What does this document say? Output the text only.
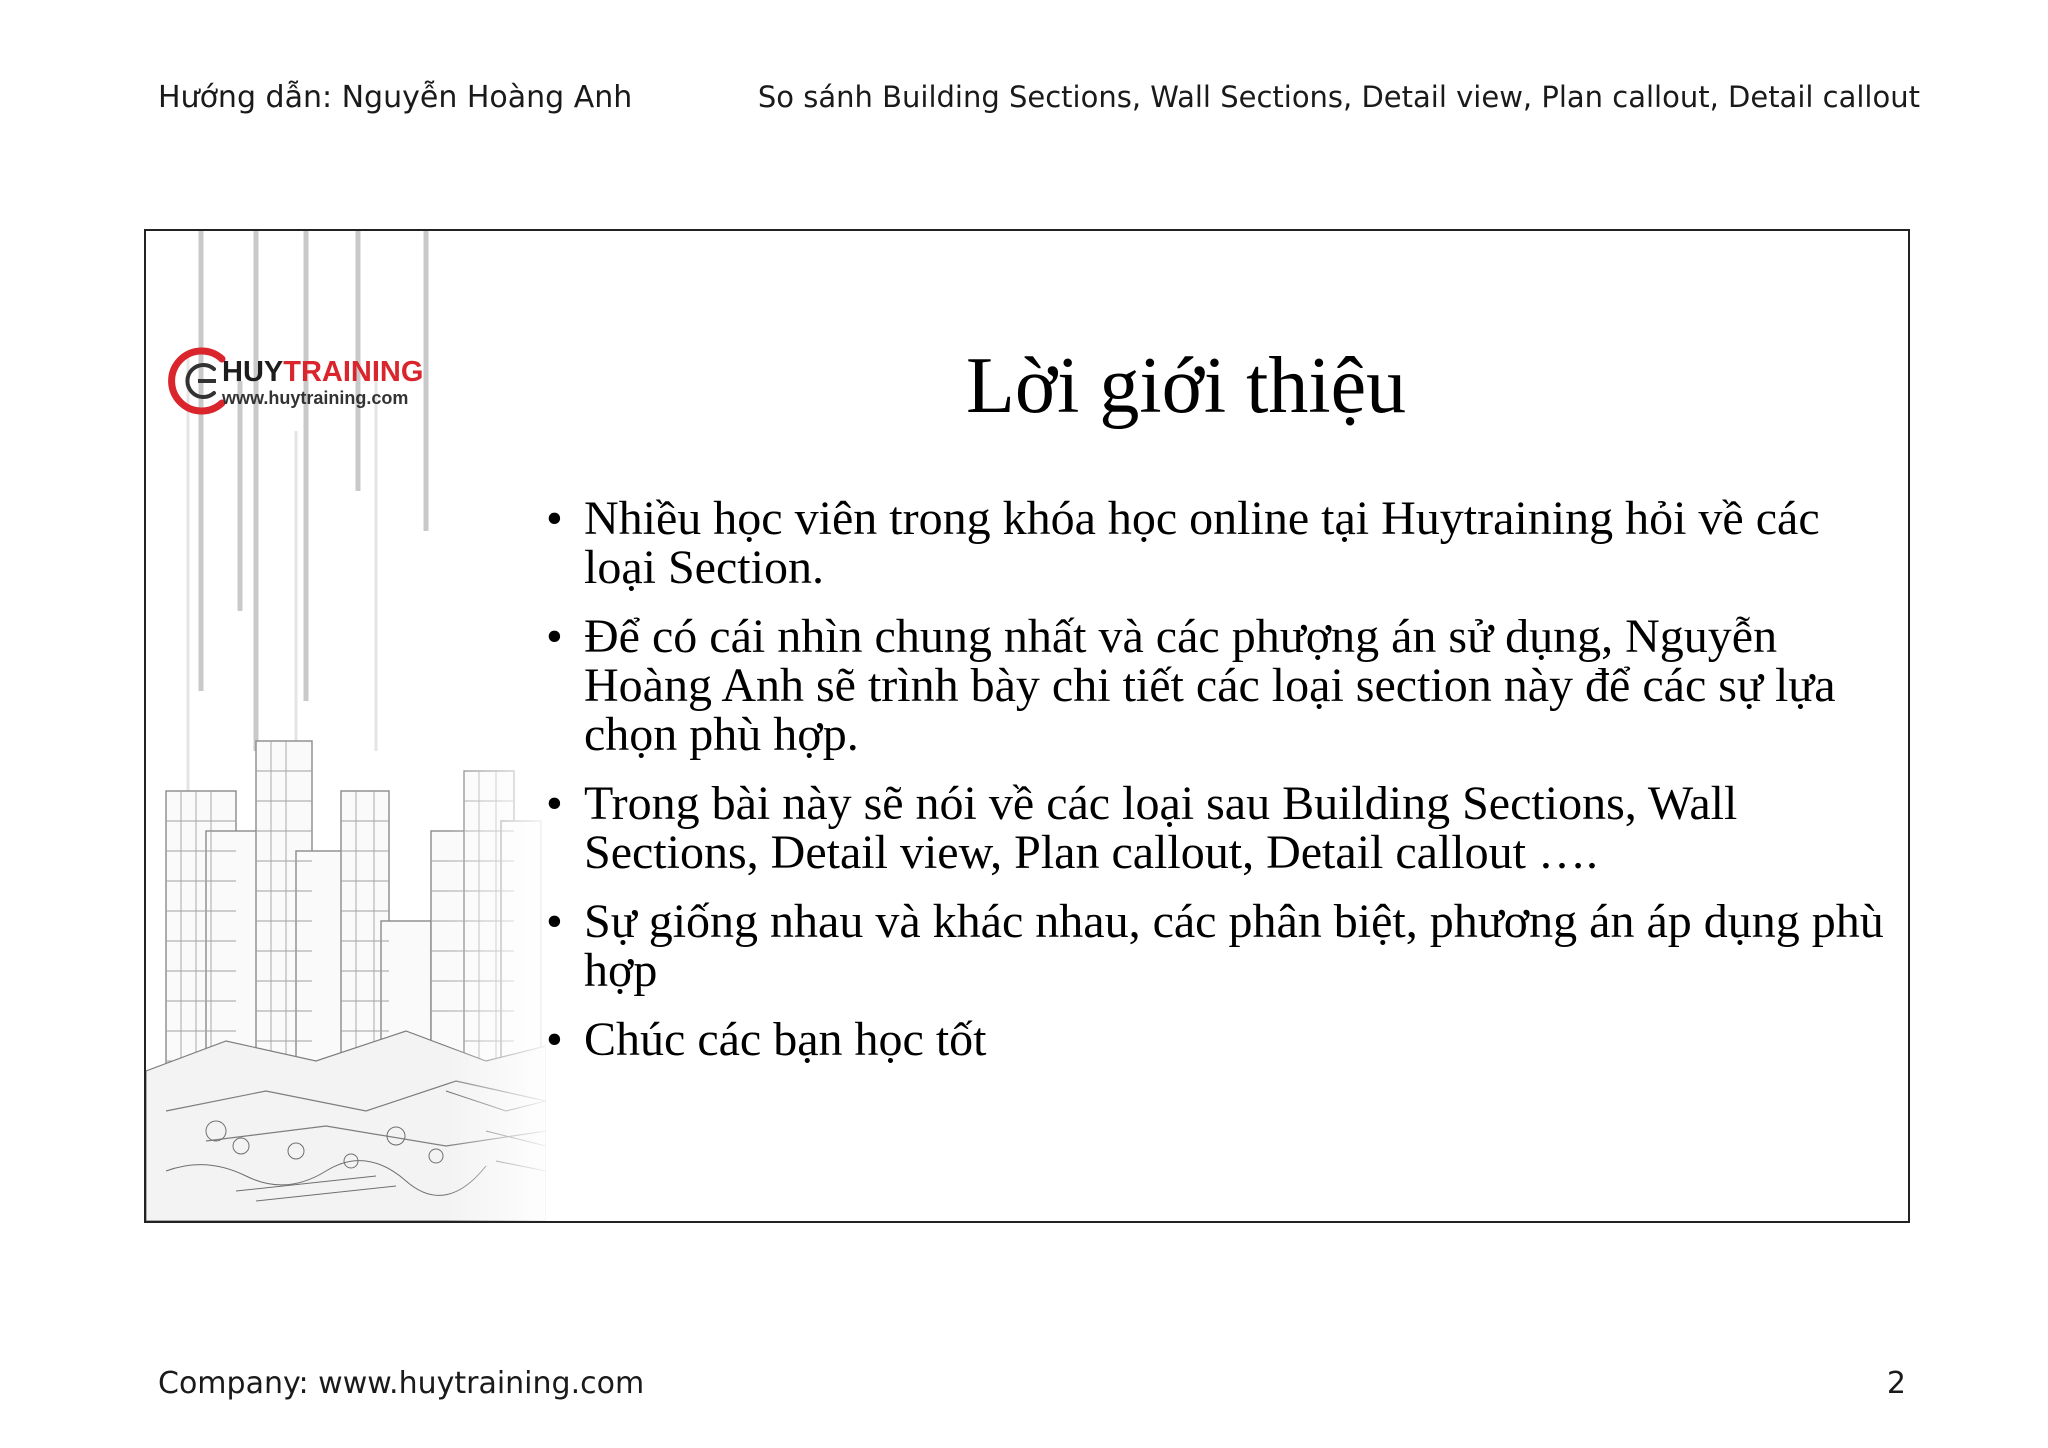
Hướng dẫn: Nguyễn Hoàng Anh	So sánh Building Sections, Wall Sections, Detail view, Plan callout, Detail callout
HUYTRAINING
www.huytraining.com	Lời giới thiệu
• Nhiều học viên trong khóa học online tại Huytraining hỏi về các loại Section.
• Để có cái nhìn chung nhất và các phượng án sử dụng, Nguyễn Hoàng Anh sẽ trình bày chi tiết các loại section này để các sự lựa chọn phù hợp.
• Trong bài này sẽ nói về các loại sau Building Sections, Wall Sections, Detail view, Plan callout, Detail callout ….
• Sự giống nhau và khác nhau, các phân biệt, phương án áp dụng phù hợp
• Chúc các bạn học tốt
Company: www.huytraining.com	2
